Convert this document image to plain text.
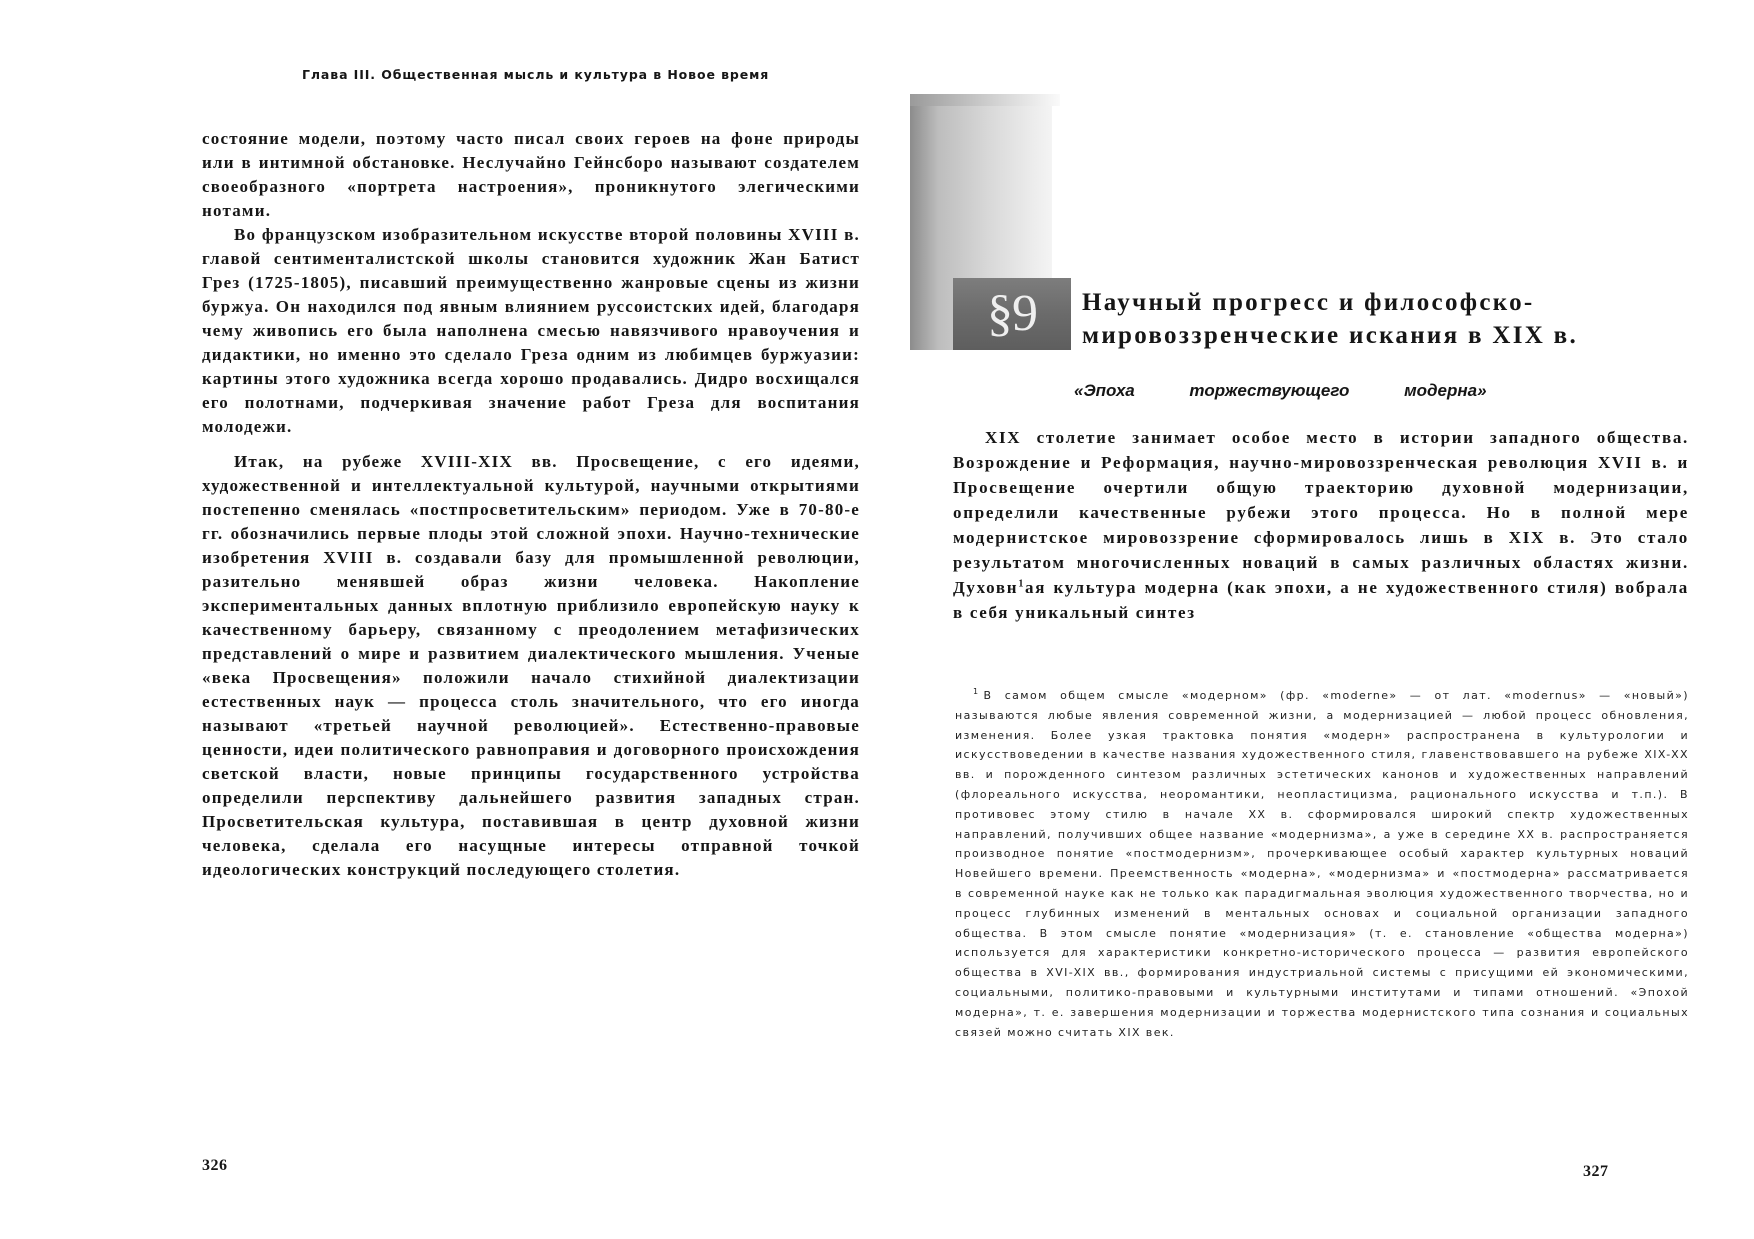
Глава III. Общественная мысль и культура в Новое время

состояние модели, поэтому часто писал своих героев на фоне природы или в интимной обстановке. Неслучайно Гейнсборо называют создателем своеобразного «портрета настроения», проникнутого элегическими нотами.

Во французском изобразительном искусстве второй половины XVIII в. главой сентименталистской школы становится художник Жан Батист Грез (1725-1805), писавший преимущественно жанровые сцены из жизни буржуа. Он находился под явным влиянием руссоистских идей, благодаря чему живопись его была наполнена смесью навязчивого нравоучения и дидактики, но именно это сделало Греза одним из любимцев буржуазии: картины этого художника всегда хорошо продавались. Дидро восхищался его полотнами, подчеркивая значение работ Греза для воспитания молодежи.

Итак, на рубеже XVIII-XIX вв. Просвещение, с его идеями, художественной и интеллектуальной культурой, научными открытиями постепенно сменялась «постпросветительским» периодом. Уже в 70-80-е гг. обозначились первые плоды этой сложной эпохи. Научно-технические изобретения XVIII в. создавали базу для промышленной революции, разительно менявшей образ жизни человека. Накопление экспериментальных данных вплотную приблизило европейскую науку к качественному барьеру, связанному с преодолением метафизических представлений о мире и развитием диалектического мышления. Ученые «века Просвещения» положили начало стихийной диалектизации естественных наук — процесса столь значительного, что его иногда называют «третьей научной революцией». Естественно-правовые ценности, идеи политического равноправия и договорного происхождения светской власти, новые принципы государственного устройства определили перспективу дальнейшего развития западных стран. Просветительская культура, поставившая в центр духовной жизни человека, сделала его насущные интересы отправной точкой идеологических конструкций последующего столетия.

326
§9 Научный прогресс и философско-
мировоззренческие искания в XIX в.
«Эпоха торжествующего модерна»

XIX столетие занимает особое место в истории западного общества. Возрождение и Реформация, научно-мировоззренческая революция XVII в. и Просвещение очертили общую траекторию духовной модернизации, определили качественные рубежи этого процесса. Но в полной мере модернистское мировоззрение сформировалось лишь в XIX в. Это стало результатом многочисленных новаций в самых различных областях жизни. Духовн$^1$ая культура модерна (как эпохи, а не художественного стиля) вобрала в себя уникальный синтез

$^1$ В самом общем смысле «модерном» (фр. «moderne» — от лат. «modernus» — «новый») называются любые явления современной жизни, а модернизацией — любой процесс обновления, изменения. Более узкая трактовка понятия «модерн» распространена в культурологии и искусствоведении в качестве названия художественного стиля, главенствовавшего на рубеже XIX-XX вв. и порожденного синтезом различных эстетических канонов и художественных направлений (флореального искусства, неоромантики, неопластицизма, рационального искусства и т.п.). В противовес этому стилю в начале XX в. сформировался широкий спектр художественных направлений, получивших общее название «модернизма», а уже в середине XX в. распространяется производное понятие «постмодернизм», прочеркивающее особый характер культурных новаций Новейшего времени. Преемственность «модерна», «модернизма» и «постмодерна» рассматривается в современной науке как не только как парадигмальная эволюция художественного творчества, но и процесс глубинных изменений в ментальных основах и социальной организации западного общества. В этом смысле понятие «модернизация» (т. е. становление «общества модерна») используется для характеристики конкретно-исторического процесса — развития европейского общества в XVI-XIX вв., формирования индустриальной системы с присущими ей экономическими, социальными, политико-правовыми и культурными институтами и типами отношений. «Эпохой модерна», т. е. завершения модернизации и торжества модернистского типа сознания и социальных связей можно считать XIX век.

327
